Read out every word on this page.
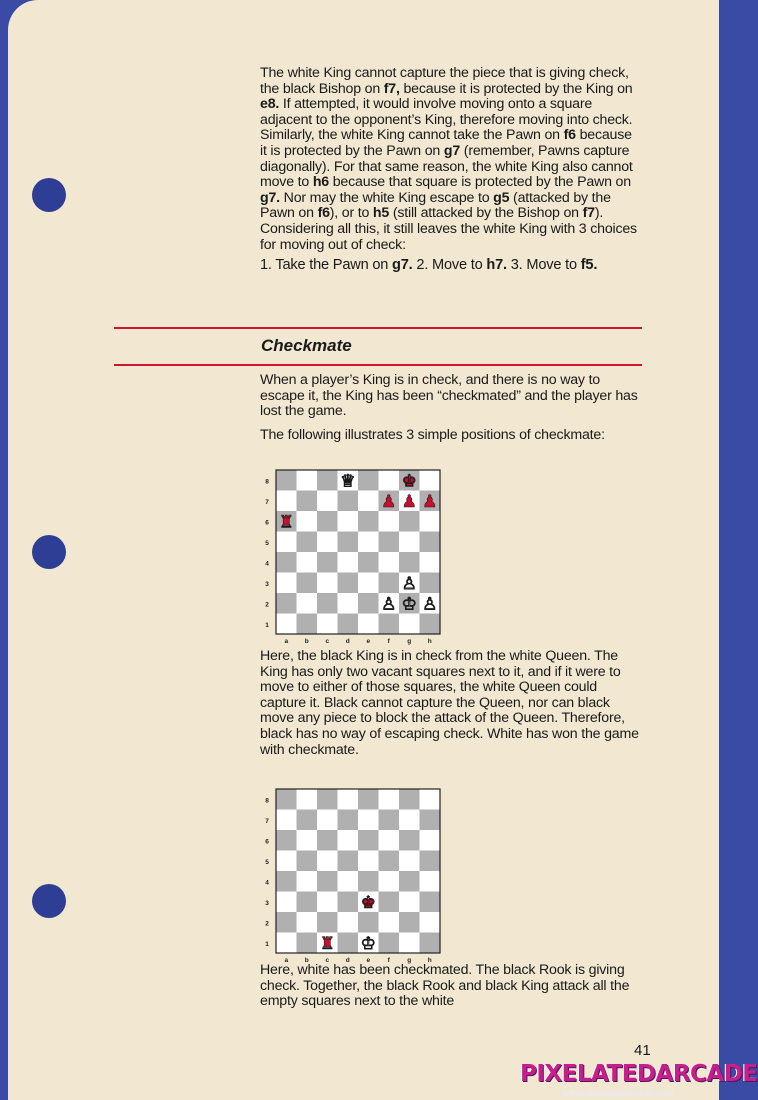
The white King cannot capture the piece that is giving check, the black Bishop on f7, because it is protected by the King on e8. If attempted, it would involve moving onto a square adjacent to the opponent’s King, therefore moving into check. Similarly, the white King cannot take the Pawn on f6 because it is protected by the Pawn on g7 (remember, Pawns capture diagonally). For that same reason, the white King also cannot move to h6 because that square is protected by the Pawn on g7. Nor may the white King escape to g5 (attacked by the Pawn on f6), or to h5 (still attacked by the Bishop on f7). Considering all this, it still leaves the white King with 3 choices for moving out of check:

1. Take the Pawn on g7. 2. Move to h7. 3. Move to f5.

Checkmate

When a player’s King is in check, and there is no way to escape it, the King has been “checkmated” and the player has lost the game.

The following illustrates 3 simple positions of checkmate:

8
7
6
5
4
3
2
1
a	b	c	d	e	f	g	h
♕	♚
♟ ♟ ♟
♜
♙
♙ ♔ ♙

Here, the black King is in check from the white Queen. The King has only two vacant squares next to it, and if it were to move to either of those squares, the white Queen could capture it. Black cannot capture the Queen, nor can black move any piece to block the attack of the Queen. Therefore, black has no way of escaping check. White has won the game with checkmate.

8
7
6
5
4
3
2
1
a	b	c	d	e	f	g	h
♚
♜ ♔

Here, white has been checkmated. The black Rook is giving check. Together, the black Rook and black King attack all the empty squares next to the white

41
PIXELATEDARCADE
www.pixelatedarcade.com
